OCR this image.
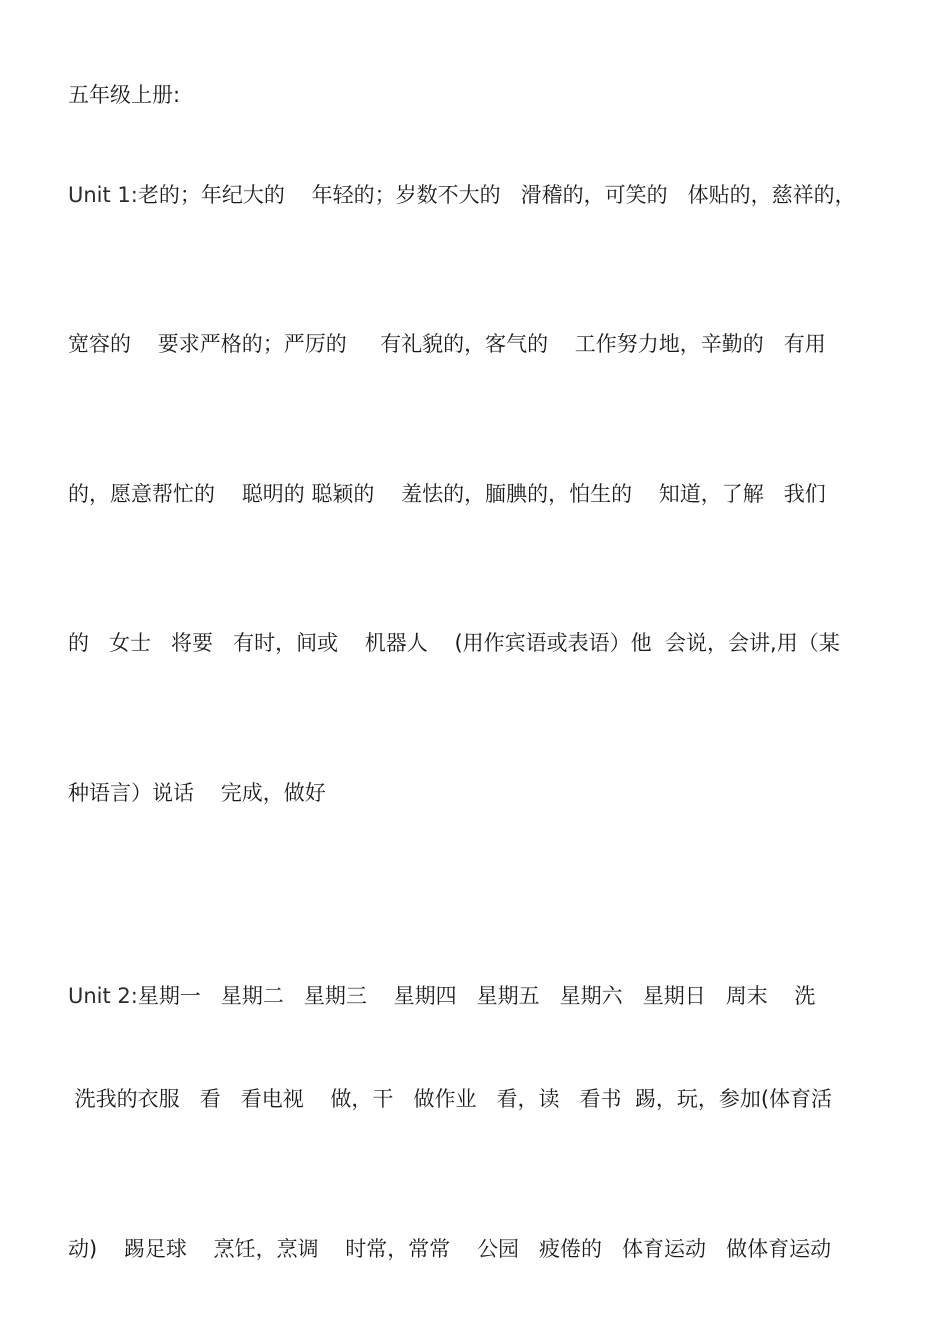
五年级上册:

Unit 1:老的；年纪大的    年轻的；岁数不大的   滑稽的，可笑的   体贴的，慈祥的，

宽容的    要求严格的；严厉的     有礼貌的，客气的    工作努力地，辛勤的   有用

的，愿意帮忙的    聪明的 聪颖的    羞怯的，腼腆的，怕生的    知道，了解   我们

的   女士   将要   有时，间或    机器人    (用作宾语或表语）他  会说，会讲,用（某

种语言）说话    完成，做好

Unit 2:星期一   星期二   星期三    星期四   星期五   星期六   星期日   周末    洗

洗我的衣服   看   看电视    做，干   做作业   看，读   看书  踢，玩，参加(体育活

动)    踢足球    烹饪，烹调    时常，常常    公园   疲倦的   体育运动   做体育运动
